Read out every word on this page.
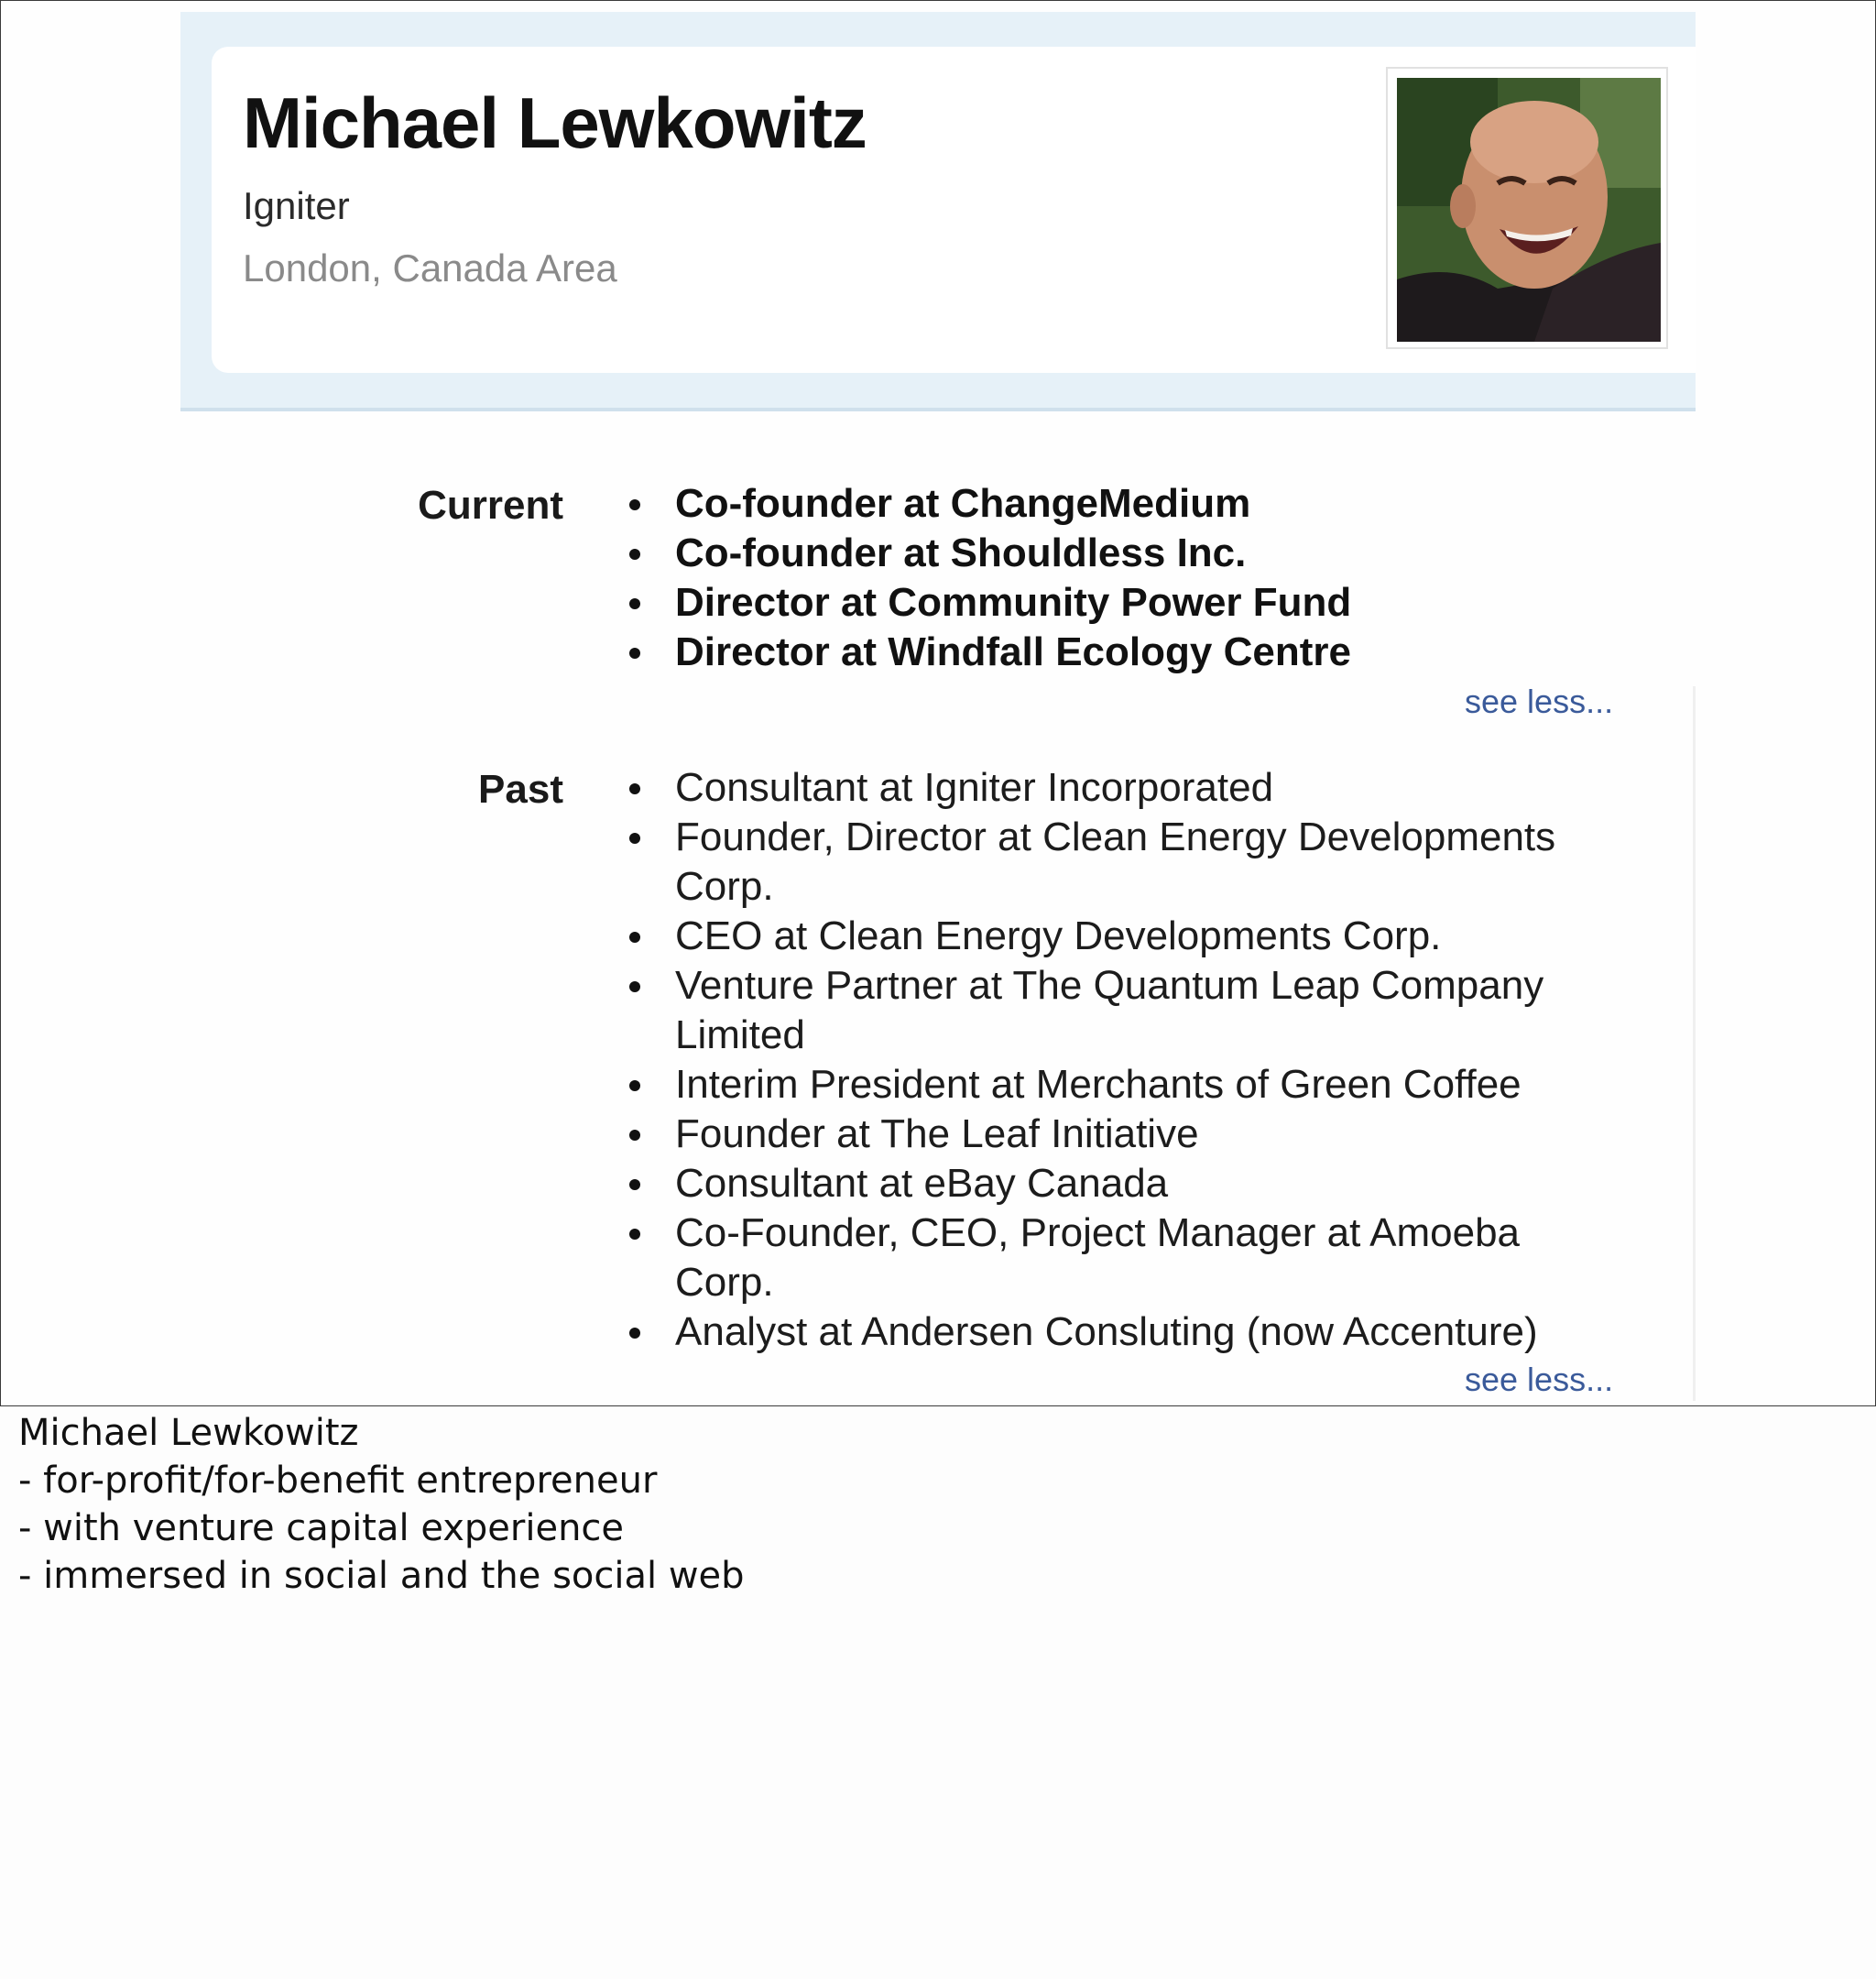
Michael Lewkowitz
Igniter
London, Canada Area
Current	Co-founder at ChangeMedium
Co-founder at Shouldless Inc.
Director at Community Power Fund
Director at Windfall Ecology Centre
see less...
Past	Consultant at Igniter Incorporated
Founder, Director at Clean Energy Developments Corp.
CEO at Clean Energy Developments Corp.
Venture Partner at The Quantum Leap Company Limited
Interim President at Merchants of Green Coffee
Founder at The Leaf Initiative
Consultant at eBay Canada
Co-Founder, CEO, Project Manager at Amoeba Corp.
Analyst at Andersen Consluting (now Accenture)
see less...
Michael Lewkowitz
- for-profit/for-benefit entrepreneur
- with venture capital experience
- immersed in social and the social web
